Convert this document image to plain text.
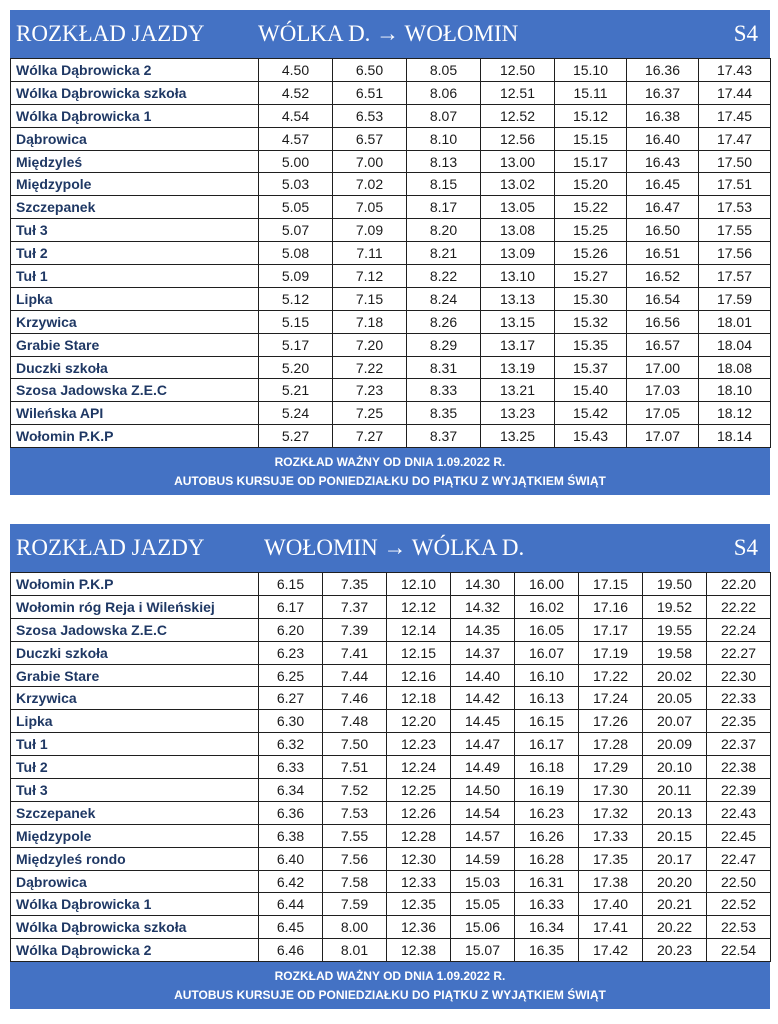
ROZKŁAD JAZDY WÓLKA D. → WOŁOMIN	S4
Wólka Dąbrowicka 2	4.50	6.50	8.05	12.50	15.10	16.36	17.43
Wólka Dąbrowicka szkoła	4.52	6.51	8.06	12.51	15.11	16.37	17.44
Wólka Dąbrowicka 1	4.54	6.53	8.07	12.52	15.12	16.38	17.45
Dąbrowica	4.57	6.57	8.10	12.56	15.15	16.40	17.47
Międzyleś	5.00	7.00	8.13	13.00	15.17	16.43	17.50
Międzypole	5.03	7.02	8.15	13.02	15.20	16.45	17.51
Szczepanek	5.05	7.05	8.17	13.05	15.22	16.47	17.53
Tuł 3	5.07	7.09	8.20	13.08	15.25	16.50	17.55
Tuł 2	5.08	7.11	8.21	13.09	15.26	16.51	17.56
Tuł 1	5.09	7.12	8.22	13.10	15.27	16.52	17.57
Lipka	5.12	7.15	8.24	13.13	15.30	16.54	17.59
Krzywica	5.15	7.18	8.26	13.15	15.32	16.56	18.01
Grabie Stare	5.17	7.20	8.29	13.17	15.35	16.57	18.04
Duczki szkoła	5.20	7.22	8.31	13.19	15.37	17.00	18.08
Szosa Jadowska Z.E.C	5.21	7.23	8.33	13.21	15.40	17.03	18.10
Wileńska API	5.24	7.25	8.35	13.23	15.42	17.05	18.12
Wołomin P.K.P	5.27	7.27	8.37	13.25	15.43	17.07	18.14
ROZKŁAD WAŻNY OD DNIA 1.09.2022 R.
AUTOBUS KURSUJE OD PONIEDZIAŁKU DO PIĄTKU Z WYJĄTKIEM ŚWIĄT
ROZKŁAD JAZDY	WOŁOMIN → WÓLKA D.	S4
Wołomin P.K.P	6.15	7.35	12.10	14.30	16.00	17.15	19.50	22.20
Wołomin róg Reja i Wileńskiej	6.17	7.37	12.12	14.32	16.02	17.16	19.52	22.22
Szosa Jadowska Z.E.C	6.20	7.39	12.14	14.35	16.05	17.17	19.55	22.24
Duczki szkoła	6.23	7.41	12.15	14.37	16.07	17.19	19.58	22.27
Grabie Stare	6.25	7.44	12.16	14.40	16.10	17.22	20.02	22.30
Krzywica	6.27	7.46	12.18	14.42	16.13	17.24	20.05	22.33
Lipka	6.30	7.48	12.20	14.45	16.15	17.26	20.07	22.35
Tuł 1	6.32	7.50	12.23	14.47	16.17	17.28	20.09	22.37
Tuł 2	6.33	7.51	12.24	14.49	16.18	17.29	20.10	22.38
Tuł 3	6.34	7.52	12.25	14.50	16.19	17.30	20.11	22.39
Szczepanek	6.36	7.53	12.26	14.54	16.23	17.32	20.13	22.43
Międzypole	6.38	7.55	12.28	14.57	16.26	17.33	20.15	22.45
Międzyleś rondo	6.40	7.56	12.30	14.59	16.28	17.35	20.17	22.47
Dąbrowica	6.42	7.58	12.33	15.03	16.31	17.38	20.20	22.50
Wólka Dąbrowicka 1	6.44	7.59	12.35	15.05	16.33	17.40	20.21	22.52
Wólka Dąbrowicka szkoła	6.45	8.00	12.36	15.06	16.34	17.41	20.22	22.53
Wólka Dąbrowicka 2	6.46	8.01	12.38	15.07	16.35	17.42	20.23	22.54
ROZKŁAD WAŻNY OD DNIA 1.09.2022 R.
AUTOBUS KURSUJE OD PONIEDZIAŁKU DO PIĄTKU Z WYJĄTKIEM ŚWIĄT
